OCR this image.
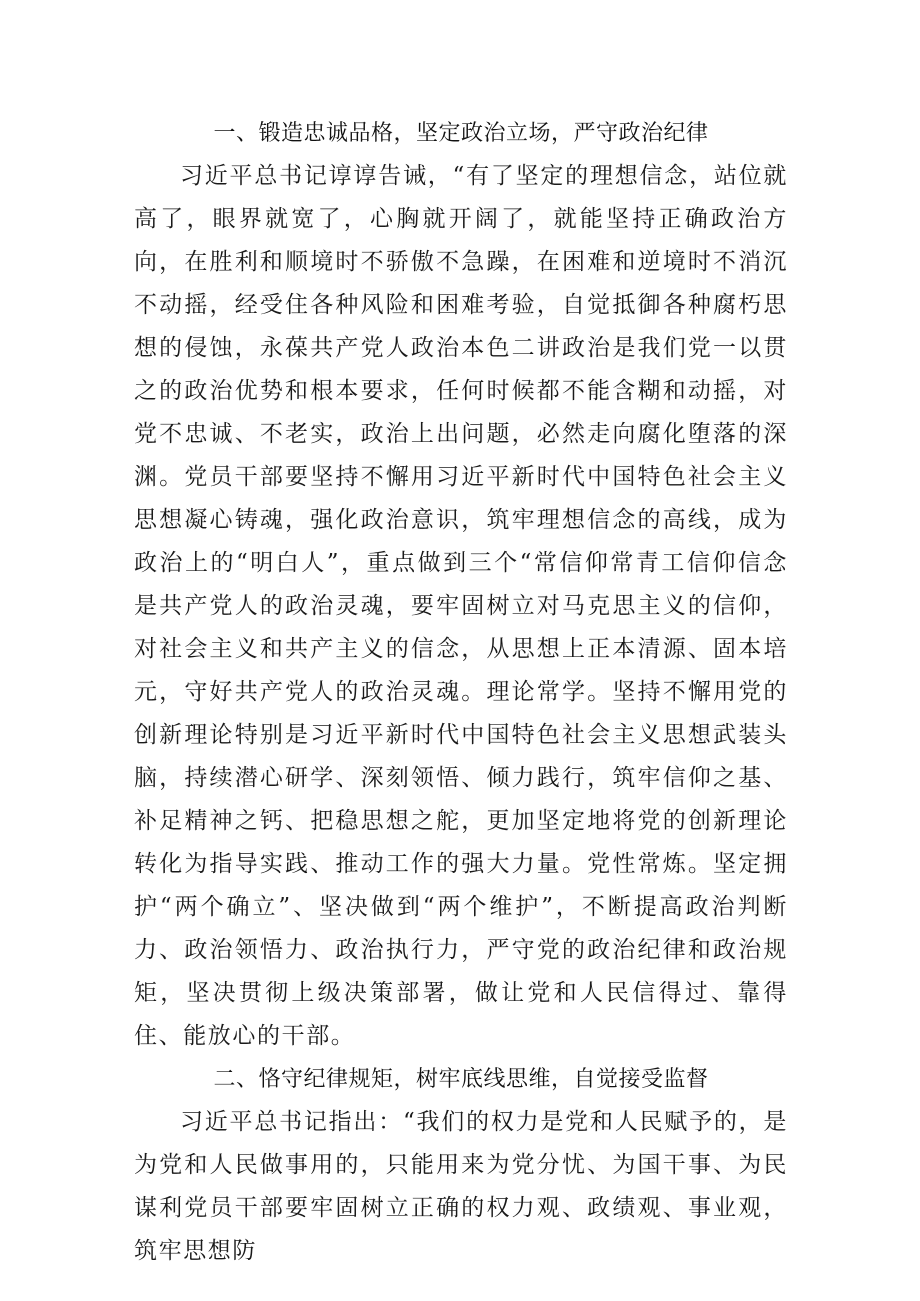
一、锻造忠诚品格，坚定政治立场，严守政治纪律

习近平总书记谆谆告诫，“有了坚定的理想信念，站位就高了，眼界就宽了，心胸就开阔了，就能坚持正确政治方向，在胜利和顺境时不骄傲不急躁，在困难和逆境时不消沉不动摇，经受住各种风险和困难考验，自觉抵御各种腐朽思想的侵蚀，永葆共产党人政治本色二讲政治是我们党一以贯之的政治优势和根本要求，任何时候都不能含糊和动摇，对党不忠诚、不老实，政治上出问题，必然走向腐化堕落的深渊。党员干部要坚持不懈用习近平新时代中国特色社会主义思想凝心铸魂，强化政治意识，筑牢理想信念的高线，成为政治上的“明白人”，重点做到三个“常信仰常青工信仰信念是共产党人的政治灵魂，要牢固树立对马克思主义的信仰，对社会主义和共产主义的信念，从思想上正本清源、固本培元，守好共产党人的政治灵魂。理论常学。坚持不懈用党的创新理论特别是习近平新时代中国特色社会主义思想武装头脑，持续潜心研学、深刻领悟、倾力践行，筑牢信仰之基、补足精神之钙、把稳思想之舵，更加坚定地将党的创新理论转化为指导实践、推动工作的强大力量。党性常炼。坚定拥护“两个确立”、坚决做到“两个维护”，不断提高政治判断力、政治领悟力、政治执行力，严守党的政治纪律和政治规矩，坚决贯彻上级决策部署，做让党和人民信得过、靠得住、能放心的干部。

二、恪守纪律规矩，树牢底线思维，自觉接受监督

习近平总书记指出：“我们的权力是党和人民赋予的，是为党和人民做事用的，只能用来为党分忧、为国干事、为民谋利党员干部要牢固树立正确的权力观、政绩观、事业观，筑牢思想防
